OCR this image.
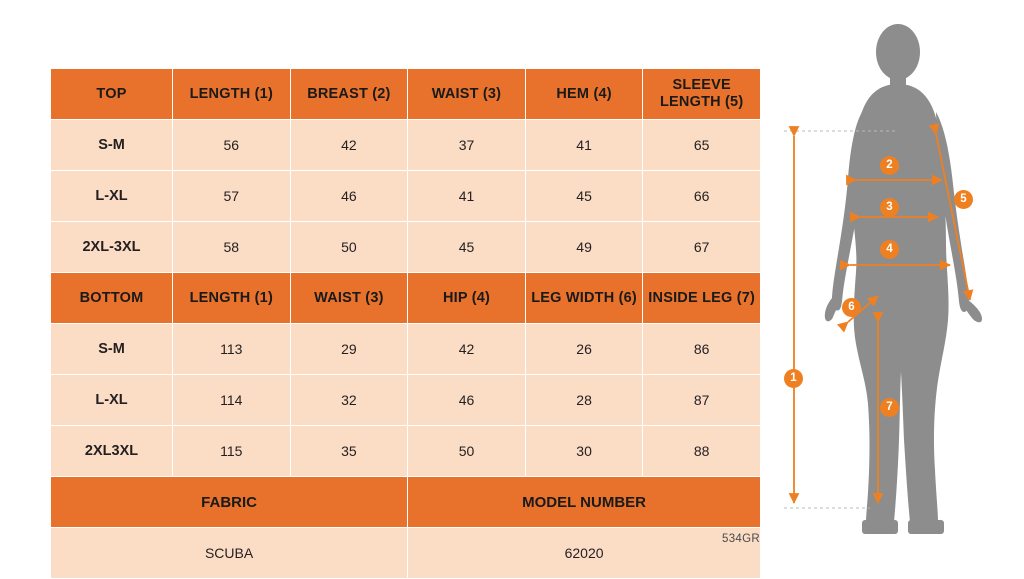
TOP	LENGTH (1)	BREAST (2)	WAIST (3)	HEM (4)	SLEEVE LENGTH (5)
S-M	56	42	37	41	65
L-XL	57	46	41	45	66
2XL-3XL	58	50	45	49	67
BOTTOM	LENGTH (1)	WAIST (3)	HIP (4)	LEG WIDTH (6)	INSIDE LEG (7)
S-M	113	29	42	26	86
L-XL	114	32	46	28	87
2XL3XL	115	35	50	30	88
FABRIC			MODEL NUMBER		
SCUBA			62020		
534GR
1
2
3
4
5
6
7
